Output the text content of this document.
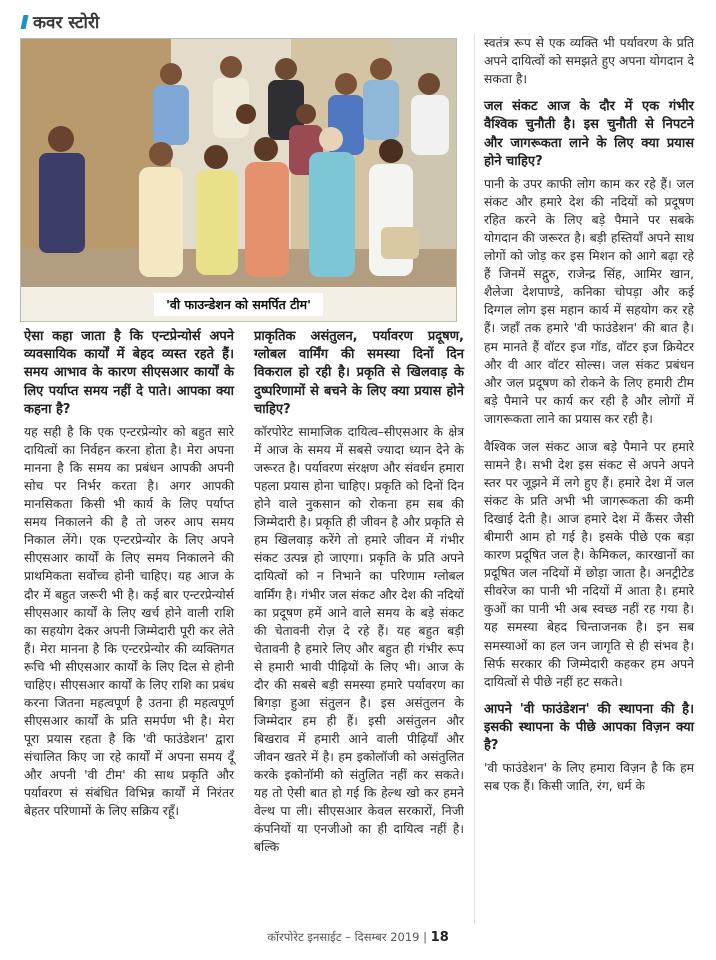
कवर स्टोरी
'वी फाउन्डेशन को समर्पित टीम'

ऐसा कहा जाता है कि एन्टप्रेन्योर्स अपने व्यवसायिक कार्यों में बेहद व्यस्त रहते हैं। समय आभाव के कारण सीएसआर कार्यों के लिए पर्याप्त समय नहीं दे पाते। आपका क्या कहना है?

यह सही है कि एक एन्टरप्रेन्योर को बहुत सारे दायित्वों का निर्वहन करना होता है। मेरा अपना मानना है कि समय का प्रबंधन आपकी अपनी सोच पर निर्भर करता है। अगर आपकी मानसिकता किसी भी कार्य के लिए पर्याप्त समय निकालने की है तो जरुर आप समय निकाल लेंगे। एक एन्टरप्रेन्योर के लिए अपने सीएसआर कार्यों के लिए समय निकालने की प्राथमिकता सर्वोच्च होनी चाहिए। यह आज के दौर में बहुत जरूरी भी है। कई बार एन्टरप्रेन्योर्स सीएसआर कार्यों के लिए खर्च होने वाली राशि का सहयोग देकर अपनी जिम्मेदारी पूरी कर लेते हैं। मेरा मानना है कि एन्टरप्रेन्योर की व्यक्तिगत रूचि भी सीएसआर कार्यों के लिए दिल से होनी चाहिए। सीएसआर कार्यों के लिए राशि का प्रबंध करना जितना महत्वपूर्ण है उतना ही महत्वपूर्ण सीएसआर कार्यों के प्रति समर्पण भी है। मेरा पूरा प्रयास रहता है कि 'वी फाउंडेशन' द्वारा संचालित किए जा रहे कार्यों में अपना समय दूँ और अपनी 'वी टीम' की साथ प्रकृति और पर्यावरण सं संबंधित विभिन्न कार्यों में निरंतर बेहतर परिणामों के लिए सक्रिय रहूँ।

प्राकृतिक असंतुलन, पर्यावरण प्रदूषण, ग्लोबल वार्मिंग की समस्या दिनों दिन विकराल हो रही है। प्रकृति से खिलवाड़ के दुष्परिणामों से बचने के लिए क्या प्रयास होने चाहिए?

कॉरपोरेट सामाजिक दायित्व–सीएसआर के क्षेत्र में आज के समय में सबसे ज्यादा ध्यान देने के जरूरत है। पर्यावरण संरक्षण और संवर्धन हमारा पहला प्रयास होना चाहिए। प्रकृति को दिनों दिन होने वाले नुकसान को रोकना हम सब की जिम्मेदारी है। प्रकृति ही जीवन है और प्रकृति से हम खिलवाड़ करेंगे तो हमारे जीवन में गंभीर संकट उत्पन्न हो जाएगा। प्रकृति के प्रति अपने दायित्वों को न निभाने का परिणाम ग्लोबल वार्मिंग है। गंभीर जल संकट और देश की नदियों का प्रदूषण हमें आने वाले समय के बड़े संकट की चेतावनी रोज़ दे रहे हैं। यह बहुत बड़ी चेतावनी है हमारे लिए और बहुत ही गंभीर रूप से हमारी भावी पीढ़ियों के लिए भी। आज के दौर की सबसे बड़ी समस्या हमारे पर्यावरण का बिगड़ा हुआ संतुलन है। इस असंतुलन के जिम्मेदार हम ही हैं। इसी असंतुलन और बिखराव में हमारी आने वाली पीढ़ियाँ और जीवन खतरे में है। हम इकोलॉजी को असंतुलित करके इकोनॉमी को संतुलित नहीं कर सकते। यह तो ऐसी बात हो गई कि हेल्थ खो कर हमने वेल्थ पा ली। सीएसआर केवल सरकारों, निजी कंपनियों या एनजीओ का ही दायित्व नहीं है। बल्कि

स्वतंत्र रूप से एक व्यक्ति भी पर्यावरण के प्रति अपने दायित्वों को समझते हुए अपना योगदान दे सकता है।

जल संकट आज के दौर में एक गंभीर वैश्विक चुनौती है। इस चुनौती से निपटने और जागरूकता लाने के लिए क्या प्रयास होने चाहिए?

पानी के उपर काफी लोग काम कर रहे हैं। जल संकट और हमारे देश की नदियों को प्रदूषण रहित करने के लिए बड़े पैमाने पर सबके योगदान की जरूरत है। बड़ी हस्तियाँ अपने साथ लोगों को जोड़ कर इस मिशन को आगे बढ़ा रहे हैं जिनमें सद्गुरु, राजेन्द्र सिंह, आमिर खान, शैलेजा देशपाण्डे, कनिका चोपड़ा और कई दिग्गल लोग इस महान कार्य में सहयोग कर रहे हैं। जहाँ तक हमारे 'वी फाउंडेशन' की बात है। हम मानते हैं वॉटर इज गॉड, वॉटर इज क्रियेटर और वी आर वॉटर सोल्स। जल संकट प्रबंधन और जल प्रदूषण को रोकने के लिए हमारी टीम बड़े पैमाने पर कार्य कर रही है और लोगों में जागरूकता लाने का प्रयास कर रही है।

वैश्विक जल संकट आज बड़े पैमाने पर हमारे सामने है। सभी देश इस संकट से अपने अपने स्तर पर जूझने में लगे हुए हैं। हमारे देश में जल संकट के प्रति अभी भी जागरूकता की कमी दिखाई देती है। आज हमारे देश में कैंसर जैसी बीमारी आम हो गई है। इसके पीछे एक बड़ा कारण प्रदूषित जल है। केमिकल, कारखानों का प्रदूषित जल नदियों में छोड़ा जाता है। अनट्रीटेड सीवरेज का पानी भी नदियों में आता है। हमारे कुओं का पानी भी अब स्वच्छ नहीं रह गया है। यह समस्या बेहद चिन्ताजनक है। इन सब समस्याओं का हल जन जागृति से ही संभव है। सिर्फ सरकार की जिम्मेदारी कहकर हम अपने दायित्वों से पीछे नहीं हट सकते।

आपने 'वी फाउंडेशन' की स्थापना की है। इसकी स्थापना के पीछे आपका विज़न क्या है?

'वी फाउंडेशन' के लिए हमारा विज़न है कि हम सब एक हैं। किसी जाति, रंग, धर्म के

कॉरपोरेट इनसाईट – दिसम्बर 2019 | 18
